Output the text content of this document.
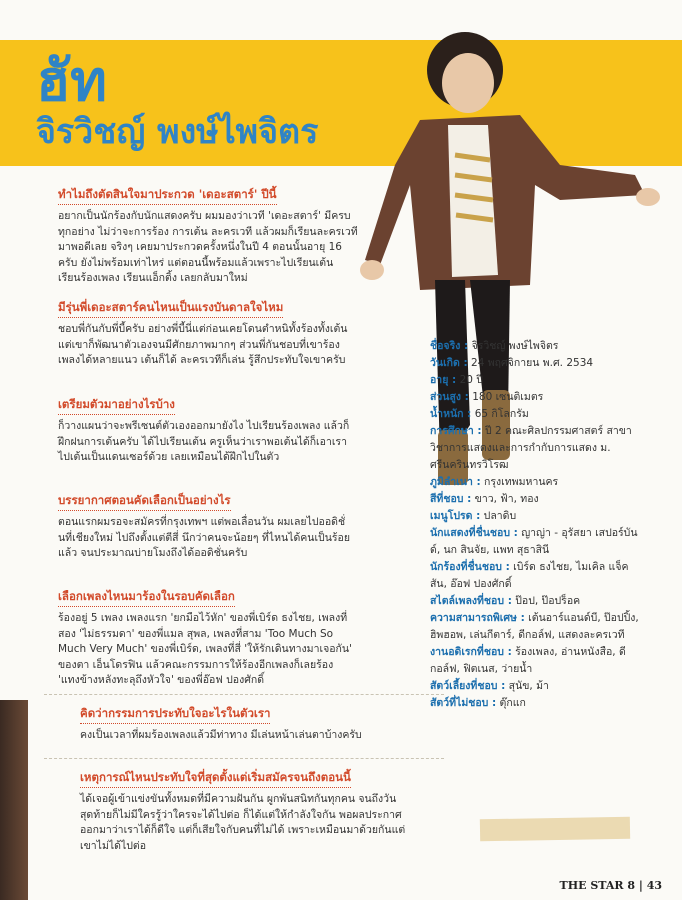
ฮัท

จิรวิชญ์ พงษ์ไพจิตร

ทำไมถึงตัดสินใจมาประกวด 'เดอะสตาร์' ปีนี้
อยากเป็นนักร้องกับนักแสดงครับ ผมมองว่าเวที 'เดอะสตาร์' มีครบทุกอย่าง ไม่ว่าจะการร้อง การเต้น ละครเวที แล้วผมก็เรียนละครเวทีมาพอดีเลย จริงๆ เคยมาประกวดครั้งหนึ่งในปี 4 ตอนนั้นอายุ 16 ครับ ยังไม่พร้อมเท่าไหร่ แต่ตอนนี้พร้อมแล้วเพราะไปเรียนเต้น เรียนร้องเพลง เรียนแอ็กติ้ง เลยกลับมาใหม่
มีรุ่นพี่เดอะสตาร์คนไหนเป็นแรงบันดาลใจไหม
ชอบพี่กันกับพี่บี้ครับ อย่างพี่บี้นี่แต่ก่อนเคยโดนตำหนิทั้งร้องทั้งเต้น แต่เขาก็พัฒนาตัวเองจนมีศักยภาพมากๆ ส่วนพี่กันชอบที่เขาร้องเพลงได้หลายแนว เต้นก็ได้ ละครเวทีก็เล่น รู้สึกประทับใจเขาครับ
เตรียมตัวมาอย่างไรบ้าง
ก็วางแผนว่าจะพรีเซนต์ตัวเองออกมายังไง ไปเรียนร้องเพลง แล้วก็ฝึกฝนการเต้นครับ ได้ไปเรียนเต้น ครูเห็นว่าเราพอเต้นได้ก็เอาเราไปเต้นเป็นแดนเซอร์ด้วย เลยเหมือนได้ฝึกไปในตัว
บรรยากาศตอนคัดเลือกเป็นอย่างไร
ตอนแรกผมรอจะสมัครที่กรุงเทพฯ แต่พอเลื่อนวัน ผมเลยไปออดิชั่นที่เชียงใหม่ ไปถึงตั้งแต่ตีสี่ นึกว่าคนจะน้อยๆ ที่ไหนได้คนเป็นร้อยแล้ว จนประมาณบ่ายโมงถึงได้ออดิชั่นครับ
เลือกเพลงไหนมาร้องในรอบคัดเลือก
ร้องอยู่ 5 เพลง เพลงแรก 'ยกมือไว้หัก' ของพี่เบิร์ด ธงไชย, เพลงที่สอง 'ไม่ธรรมดา' ของพี่แมล สุพล, เพลงที่สาม 'Too Much So Much Very Much' ของพี่เบิร์ด, เพลงที่สี่ 'ให้รักเดินทางมาเจอกัน' ของตา เอ็นโดรฟิน แล้วคณะกรรมการให้ร้องอีกเพลงก็เลยร้อง 'แทงข้างหลังทะลุถึงหัวใจ' ของพี่อ๊อฟ ปองศักดิ์
คิดว่ากรรมการประทับใจอะไรในตัวเรา
คงเป็นเวลาที่ผมร้องเพลงแล้วมีท่าทาง มีเล่นหน้าเล่นตาบ้างครับ
เหตุการณ์ไหนประทับใจที่สุดตั้งแต่เริ่มสมัครจนถึงตอนนี้
ได้เจอผู้เข้าแข่งขันทั้งหมดที่มีความฝันกัน ผูกพันสนิทกันทุกคน จนถึงวันสุดท้ายก็ไม่มีใครรู้ว่าใครจะได้ไปต่อ ก็ได้แต่ให้กำลังใจกัน พอผลประกาศออกมาว่าเราได้ก็ดีใจ แต่ก็เสียใจกับคนที่ไม่ได้ เพราะเหมือนมาด้วยกันแต่เขาไม่ได้ไปต่อ
ชื่อจริง : จิรวิชญ์ พงษ์ไพจิตร
วันเกิด : 24 พฤศจิกายน พ.ศ. 2534
อายุ : 20 ปี
ส่วนสูง : 180 เซนติเมตร
น้ำหนัก : 65 กิโลกรัม
การศึกษา : ปี 2 คณะศิลปกรรมศาสตร์ สาขาวิชาการแสดงและการกำกับการแสดง ม. ศรีนครินทรวิโรฒ
ภูมิลำเนา : กรุงเทพมหานคร
สีที่ชอบ : ขาว, ฟ้า, ทอง
เมนูโปรด : ปลาดิบ
นักแสดงที่ชื่นชอบ : ญาญ่า - อุรัสยา เสปอร์บันด์, นก สินจัย, แพท สุธาสินี
นักร้องที่ชื่นชอบ : เบิร์ด ธงไชย, ไมเคิล แจ็คสัน, อ๊อฟ ปองศักดิ์
สไตล์เพลงที่ชอบ : ป๊อป, ป๊อปร็อค
ความสามารถพิเศษ : เต้นอาร์แอนด์บี, ป๊อปปิ้ง, ฮิพฮอพ, เล่นกีตาร์, ดีกอล์ฟ, แสดงละครเวที
งานอดิเรกที่ชอบ : ร้องเพลง, อ่านหนังสือ, ดีกอล์ฟ, ฟิตเนส, ว่ายน้ำ
สัตว์เลี้ยงที่ชอบ : สุนัข, ม้า
สัตว์ที่ไม่ชอบ : ตุ๊กแก
THE STAR 8 | 43
